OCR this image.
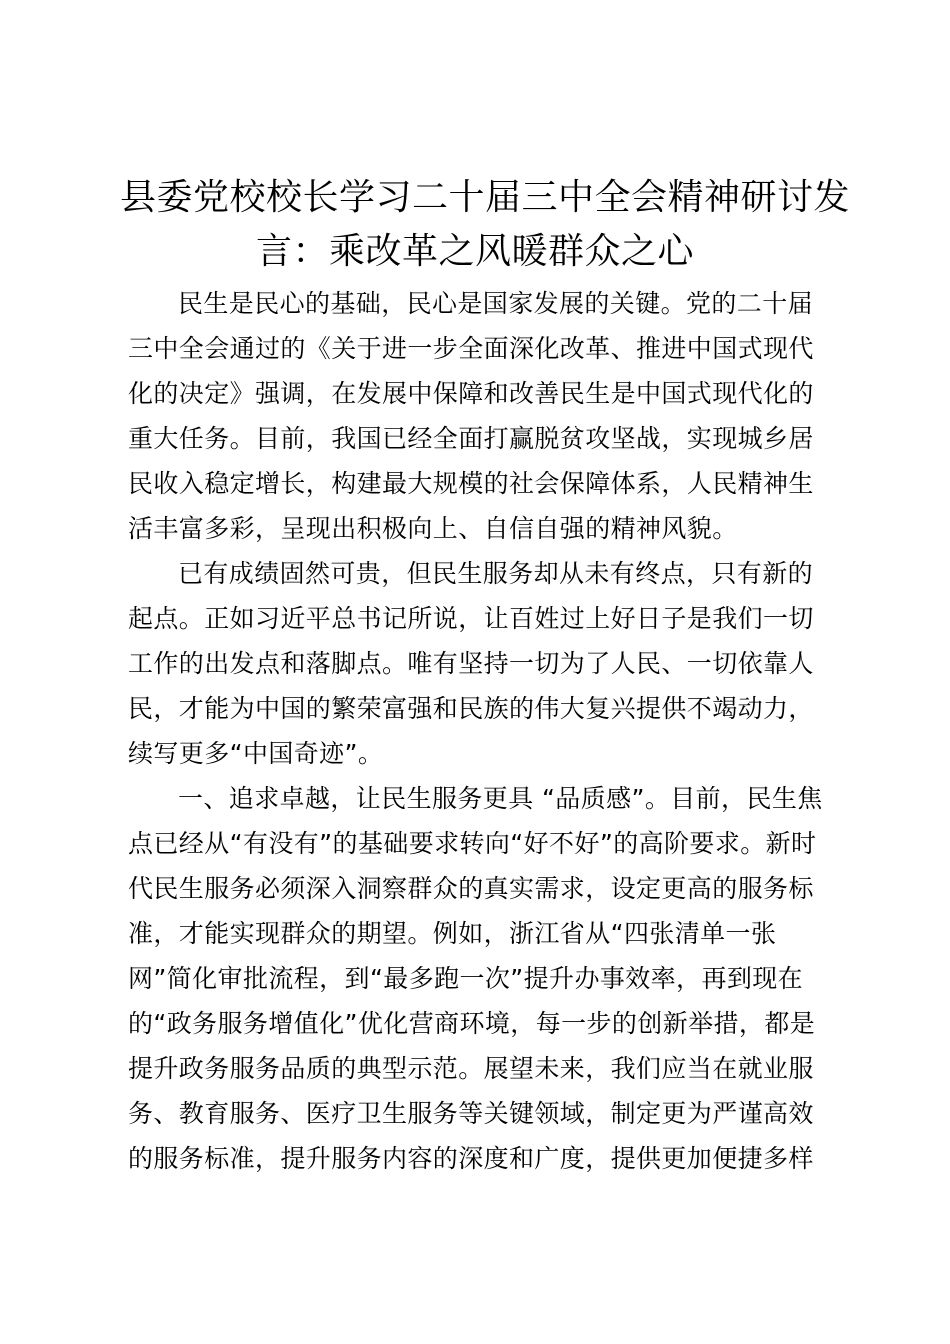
县委党校校长学习二十届三中全会精神研讨发
言：乘改革之风暖群众之心

民生是民心的基础，民心是国家发展的关键。党的二十届
三中全会通过的《关于进一步全面深化改革、推进中国式现代
化的决定》强调，在发展中保障和改善民生是中国式现代化的
重大任务。目前，我国已经全面打赢脱贫攻坚战，实现城乡居
民收入稳定增长，构建最大规模的社会保障体系，人民精神生
活丰富多彩，呈现出积极向上、自信自强的精神风貌。

已有成绩固然可贵，但民生服务却从未有终点，只有新的
起点。正如习近平总书记所说，让百姓过上好日子是我们一切
工作的出发点和落脚点。唯有坚持一切为了人民、一切依靠人
民，才能为中国的繁荣富强和民族的伟大复兴提供不竭动力，
续写更多“中国奇迹”。

一、追求卓越，让民生服务更具 “品质感”。目前，民生焦
点已经从“有没有”的基础要求转向“好不好”的高阶要求。新时
代民生服务必须深入洞察群众的真实需求，设定更高的服务标
准，才能实现群众的期望。例如，浙江省从“四张清单一张
网”简化审批流程，到“最多跑一次”提升办事效率，再到现在
的“政务服务增值化”优化营商环境，每一步的创新举措，都是
提升政务服务品质的典型示范。展望未来，我们应当在就业服
务、教育服务、医疗卫生服务等关键领域，制定更为严谨高效
的服务标准，提升服务内容的深度和广度，提供更加便捷多样
